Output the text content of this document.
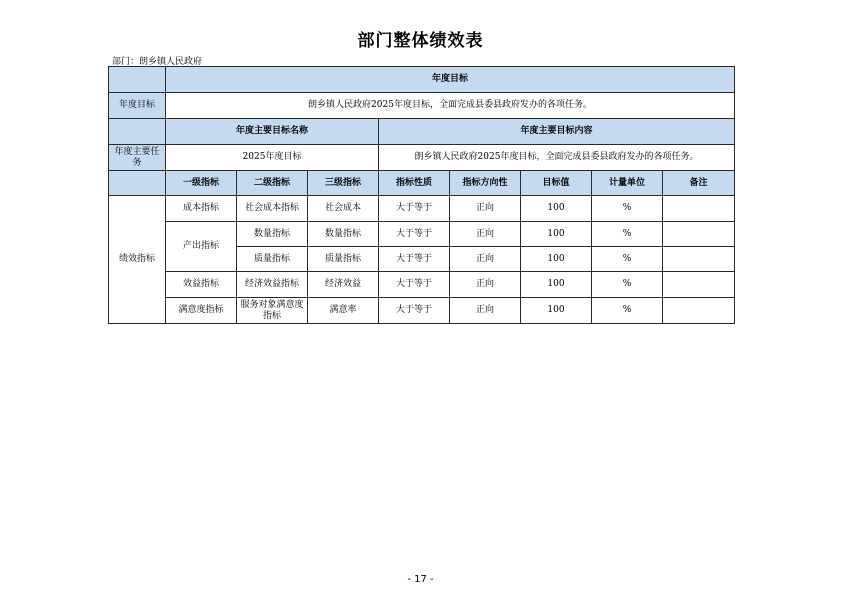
部门整体绩效表
部门：朗乡镇人民政府
	年度目标							
年度目标	朗乡镇人民政府2025年度目标，全面完成县委县政府发办的各项任务。							
	年度主要目标名称			年度主要目标内容				
年度主要任务	2025年度目标			朗乡镇人民政府2025年度目标，全面完成县委县政府发办的各项任务。				
	一级指标	二级指标	三级指标	指标性质	指标方向性	目标值	计量单位	备注
绩效指标	成本指标	社会成本指标	社会成本	大于等于	正向	100	%	
	产出指标	数量指标	数量指标	大于等于	正向	100	%	
		质量指标	质量指标	大于等于	正向	100	%	
	效益指标	经济效益指标	经济效益	大于等于	正向	100	%	
	满意度指标	服务对象满意度指标	满意率	大于等于	正向	100	%	
- 17 -
